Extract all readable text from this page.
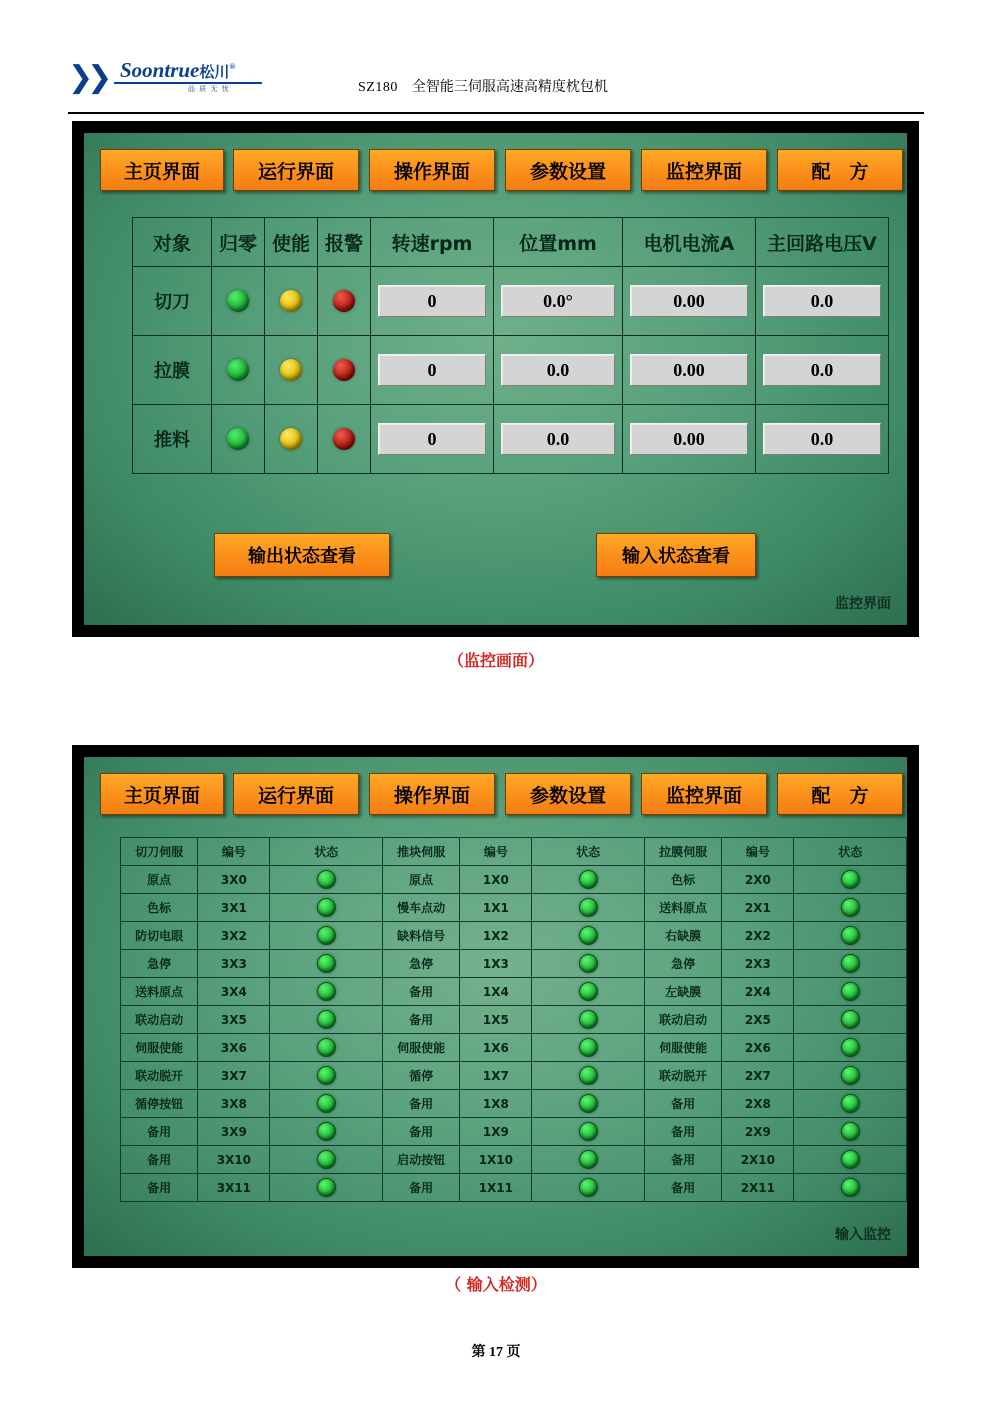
❯❯ Soontrue松川®
品 质 无 忧	SZ180 全智能三伺服高速高精度枕包机
主页界面	运行界面	操作界面	参数设置	监控界面	配　方
对象	归零	使能	报警	转速rpm	位置mm	电机电流A	主回路电压V
切刀				0	0.0°	0.00	0.0

拉膜				0	0.0	0.00	0.0

推料				0	0.0	0.00	0.0
输出状态查看	输入状态查看
监控界面
（监控画面）
主页界面	运行界面	操作界面	参数设置	监控界面	配　方
切刀伺服	编号	状态	推块伺服	编号	状态	拉膜伺服	编号	状态
原点	3X0		原点	1X0		色标	2X0	

色标	3X1		慢车点动	1X1		送料原点	2X1	

防切电眼	3X2		缺料信号	1X2		右缺膜	2X2	

急停	3X3		急停	1X3		急停	2X3	

送料原点	3X4		备用	1X4		左缺膜	2X4	

联动启动	3X5		备用	1X5		联动启动	2X5	

伺服使能	3X6		伺服使能	1X6		伺服使能	2X6	

联动脱开	3X7		循停	1X7		联动脱开	2X7	

循停按钮	3X8		备用	1X8		备用	2X8	

备用	3X9		备用	1X9		备用	2X9	

备用	3X10		启动按钮	1X10		备用	2X10	

备用	3X11		备用	1X11		备用	2X11	
输入监控
（ 输入检测）
第 17 页
